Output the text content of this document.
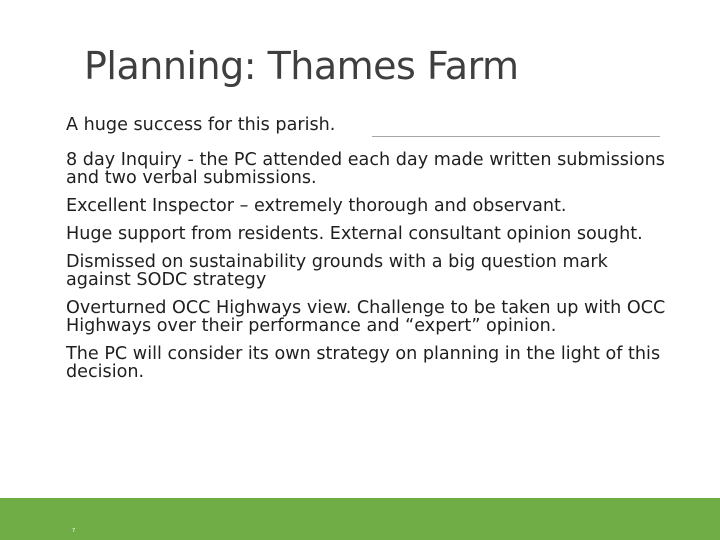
Planning: Thames Farm
A huge success for this parish.
8 day Inquiry - the PC attended each day made written submissions and two verbal submissions.
Excellent Inspector – extremely thorough and observant.
Huge support from residents. External consultant opinion sought.
Dismissed on sustainability grounds with a big question mark against SODC strategy
Overturned OCC Highways view. Challenge to be taken up with OCC Highways over their performance and “expert” opinion.
The PC will consider its own strategy on planning in the light of this decision.
7
